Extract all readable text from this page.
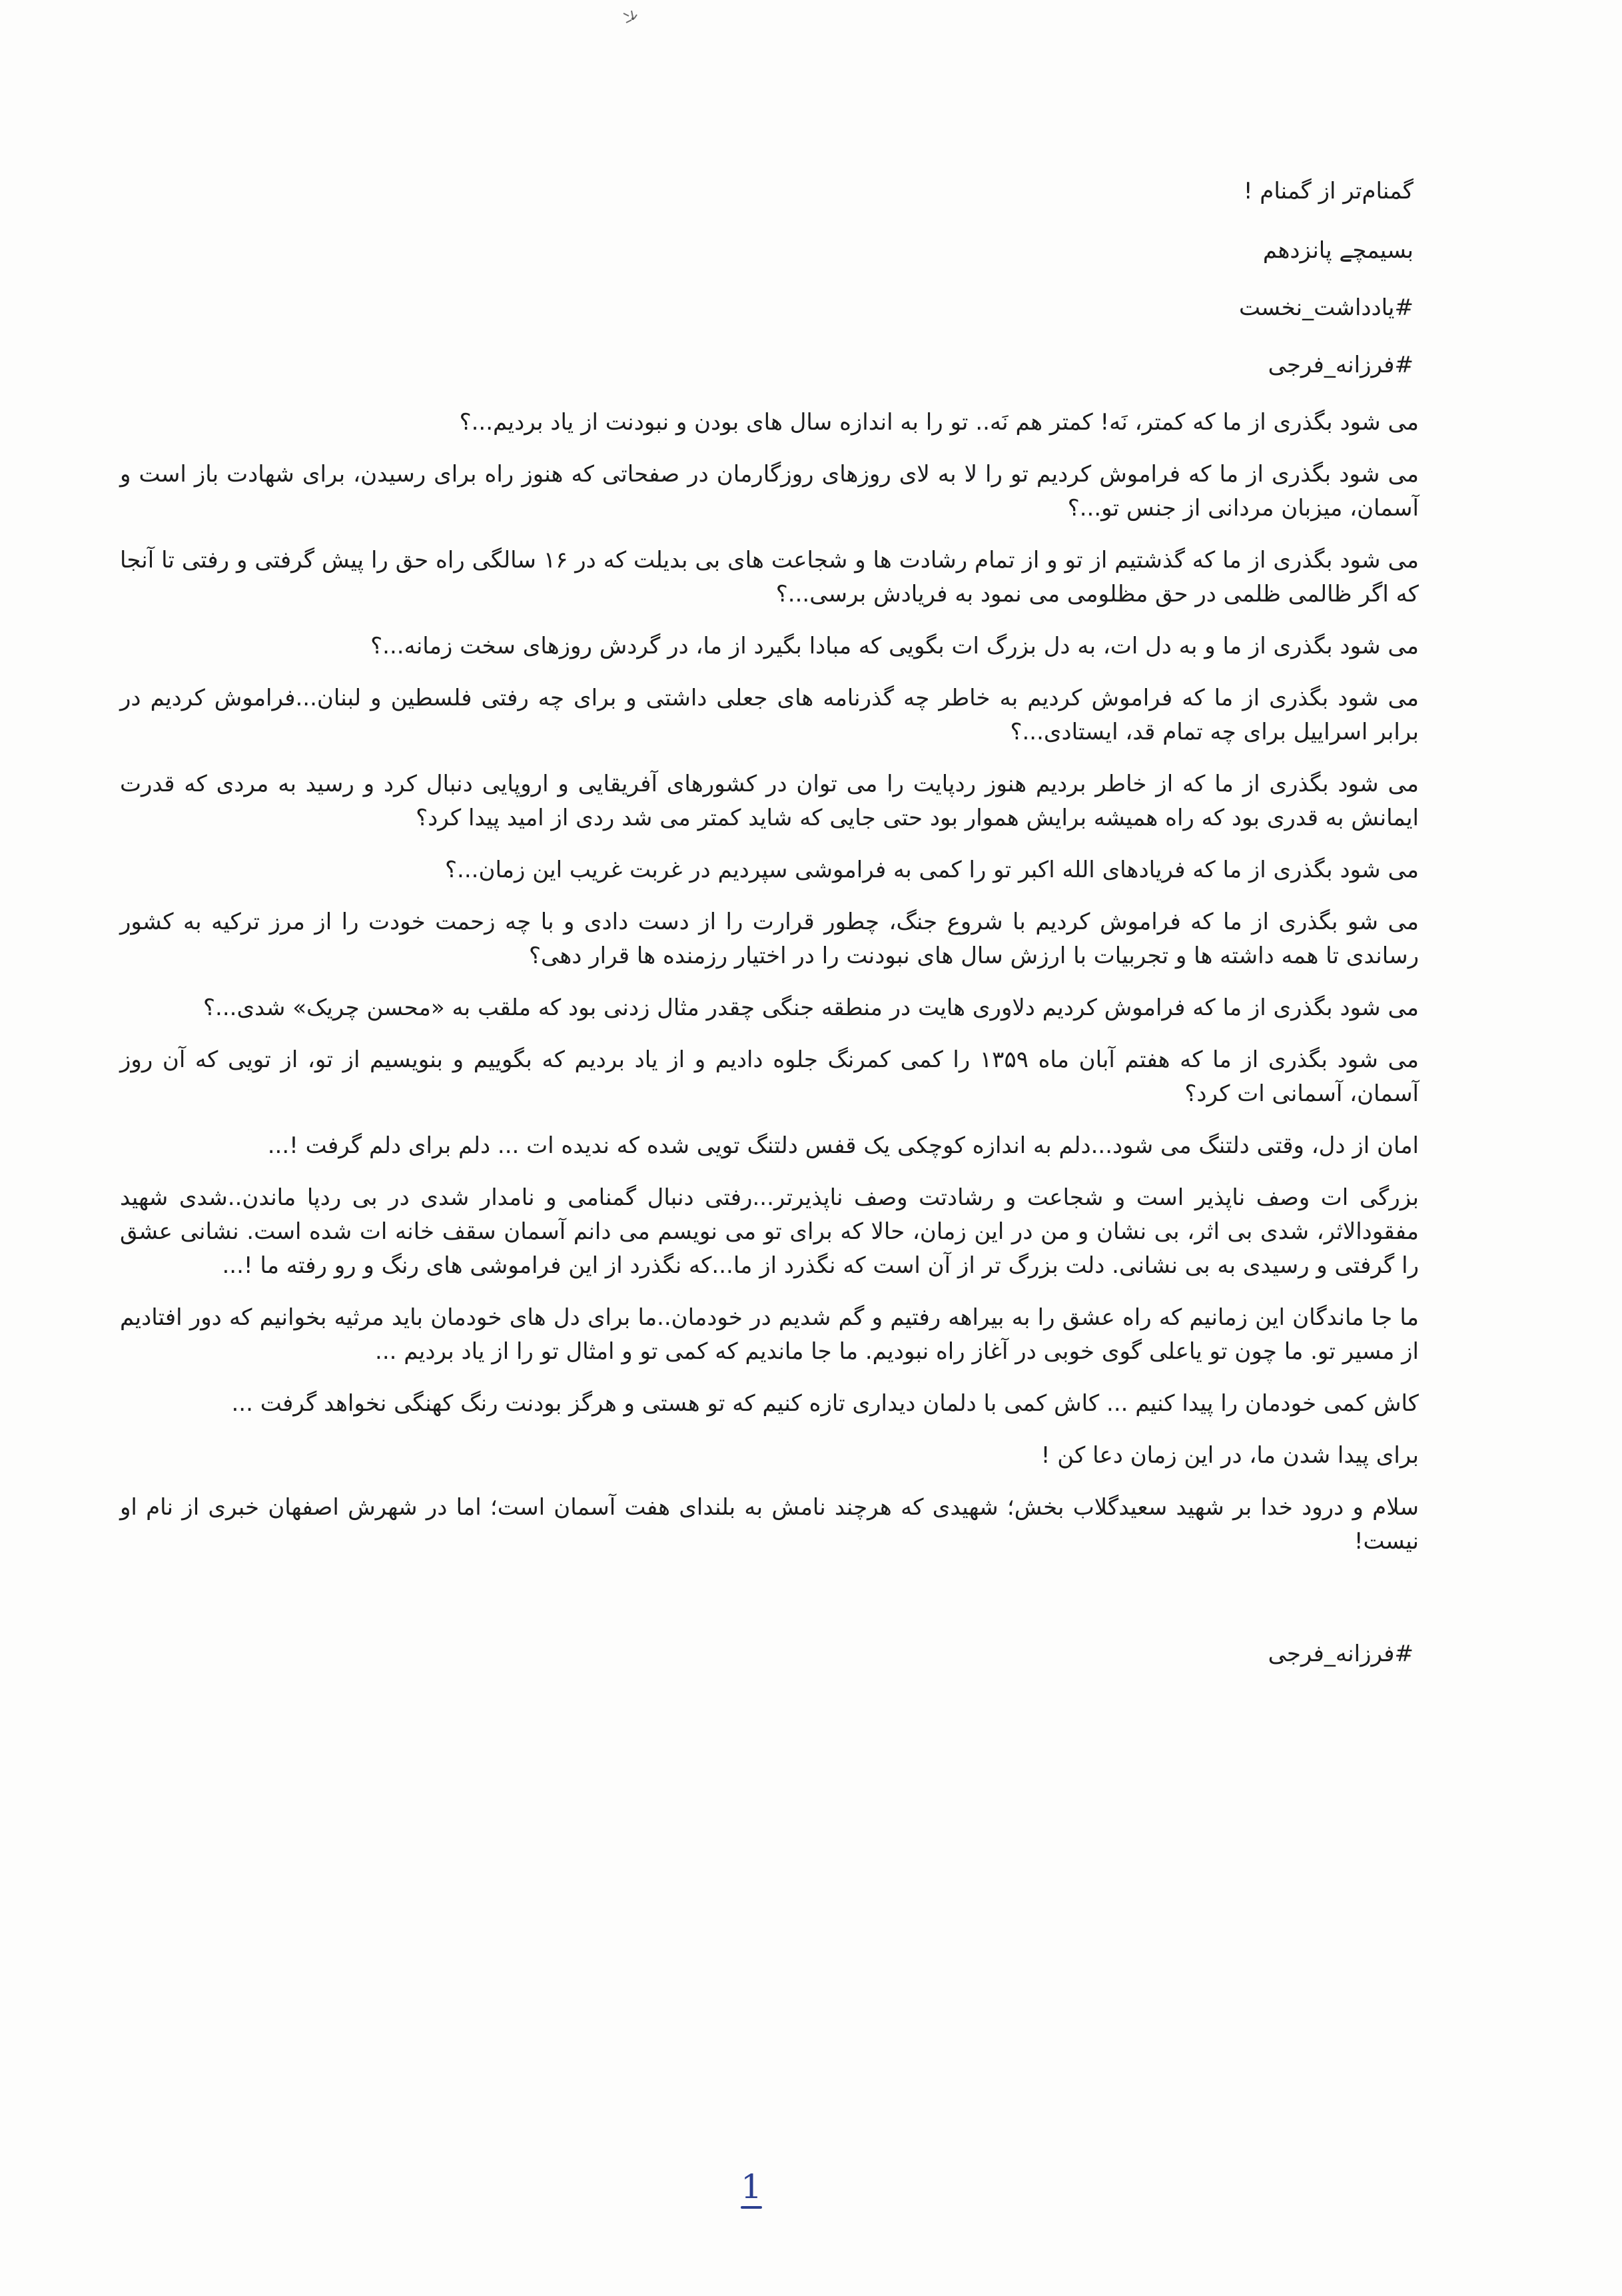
گمنام‌تر از گمنام !
بسیمچے پانزدهم
#یادداشت_نخست
#فرزانه_فرجی

می شود بگذری از ما که کمتر، نَه! کمتر هم نَه.. تو را به اندازه سال های بودن و نبودنت از یاد بردیم...؟

می شود بگذری از ما که فراموش کردیم تو را لا به لای روزهای روزگارمان در صفحاتی که هنوز راه برای رسیدن، برای شهادت باز است و آسمان، میزبان مردانی از جنس تو...؟

می شود بگذری از ما که گذشتیم از تو و از تمام رشادت ها و شجاعت های بی بدیلت که در ۱۶ سالگی راه حق را پیش گرفتی و رفتی تا آنجا که اگر ظالمی ظلمی در حق مظلومی می نمود به فریادش برسی...؟

می شود بگذری از ما و به دل ات، به دل بزرگ ات بگویی که مبادا بگیرد از ما، در گردش روزهای سخت زمانه...؟

می شود بگذری از ما که فراموش کردیم به خاطر چه گذرنامه های جعلی داشتی و برای چه رفتی فلسطین و لبنان...فراموش کردیم در برابر اسراییل برای چه تمام قد، ایستادی...؟

می شود بگذری از ما که از خاطر بردیم هنوز ردپایت را می توان در کشورهای آفریقایی و اروپایی دنبال کرد و رسید به مردی که قدرت ایمانش به قدری بود که راه همیشه برایش هموار بود حتی جایی که شاید کمتر می شد ردی از امید پیدا کرد؟

می شود بگذری از ما که فریادهای الله اکبر تو را کمی به فراموشی سپردیم در غربت غریب این زمان...؟

می شو بگذری از ما که فراموش کردیم با شروع جنگ، چطور قرارت را از دست دادی و با چه زحمت خودت را از مرز ترکیه به کشور رساندی تا همه داشته ها و تجربیات با ارزش سال های نبودنت را در اختیار رزمنده ها قرار دهی؟

می شود بگذری از ما که فراموش کردیم دلاوری هایت در منطقه جنگی چقدر مثال زدنی بود که ملقب به «محسن چریک» شدی...؟

می شود بگذری از ما که هفتم آبان ماه ۱۳۵۹ را کمی کمرنگ جلوه دادیم و از یاد بردیم که بگوییم و بنویسیم از تو، از تویی که آن روز آسمان، آسمانی ات کرد؟

امان از دل، وقتی دلتنگ می شود...دلم به اندازه کوچکی یک قفس دلتنگ تویی شده که ندیده ات ... دلم برای دلم گرفت !...

بزرگی ات وصف ناپذیر است و شجاعت و رشادتت وصف ناپذیرتر...رفتی دنبال گمنامی و نامدار شدی در بی ردپا ماندن..شدی شهید مفقودالاثر، شدی بی اثر، بی نشان و من در این زمان، حالا که برای تو می نویسم می دانم آسمان سقف خانه ات شده است. نشانی عشق را گرفتی و رسیدی به بی نشانی. دلت بزرگ تر از آن است که نگذرد از ما...که نگذرد از این فراموشی های رنگ و رو رفته ما !...

ما جا ماندگان این زمانیم که راه عشق را به بیراهه رفتیم و گم شدیم در خودمان..ما برای دل های خودمان باید مرثیه بخوانیم که دور افتادیم از مسیر تو. ما چون تو یاعلی گوی خوبی در آغاز راه نبودیم. ما جا ماندیم که کمی تو و امثال تو را از یاد بردیم ...

کاش کمی خودمان را پیدا کنیم ... کاش کمی با دلمان دیداری تازه کنیم که تو هستی و هرگز بودنت رنگ کهنگی نخواهد گرفت ...

برای پیدا شدن ما، در این زمان دعا کن !

سلام و درود خدا بر شهید سعیدگلاب بخش؛ شهیدی که هرچند نامش به بلندای هفت آسمان است؛ اما در شهرش اصفهان خبری از نام او نیست!

#فرزانه_فرجی
1
